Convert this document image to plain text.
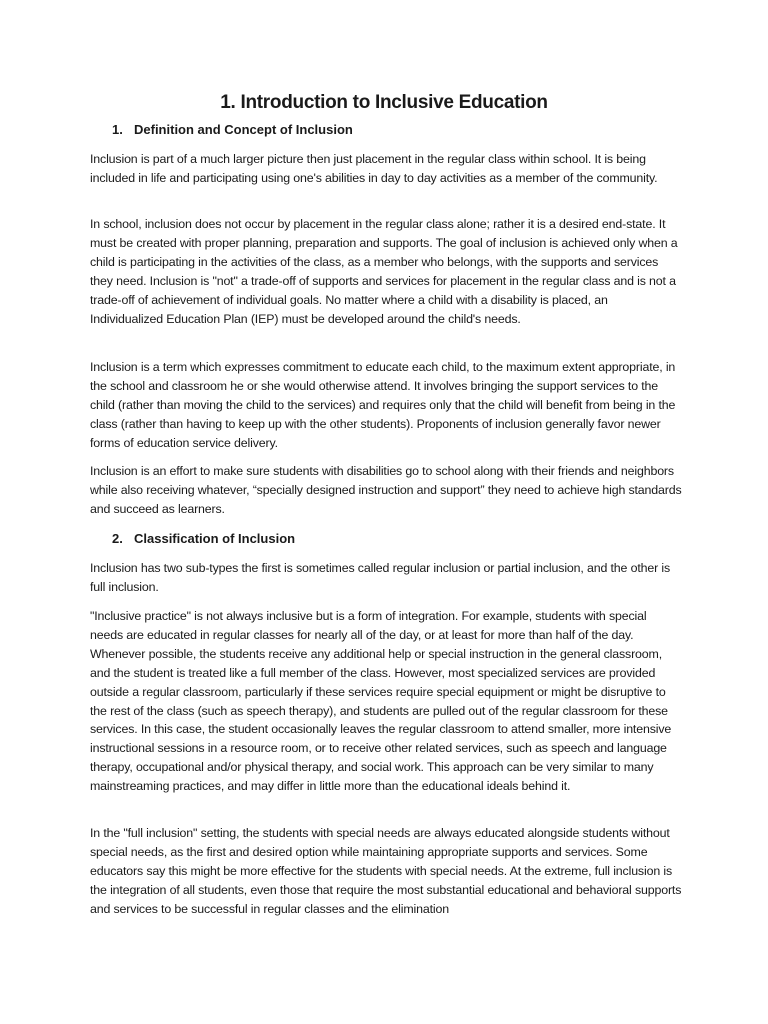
1. Introduction to Inclusive Education
1. Definition and Concept of Inclusion

Inclusion is part of a much larger picture then just placement in the regular class within school. It is being included in life and participating using one's abilities in day to day activities as a member of the community.

In school, inclusion does not occur by placement in the regular class alone; rather it is a desired end-state. It must be created with proper planning, preparation and supports. The goal of inclusion is achieved only when a child is participating in the activities of the class, as a member who belongs, with the supports and services they need. Inclusion is "not" a trade-off of supports and services for placement in the regular class and is not a trade-off of achievement of individual goals. No matter where a child with a disability is placed, an Individualized Education Plan (IEP) must be developed around the child's needs.

Inclusion is a term which expresses commitment to educate each child, to the maximum extent appropriate, in the school and classroom he or she would otherwise attend. It involves bringing the support services to the child (rather than moving the child to the services) and requires only that the child will benefit from being in the class (rather than having to keep up with the other students). Proponents of inclusion generally favor newer forms of education service delivery.

Inclusion is an effort to make sure students with disabilities go to school along with their friends and neighbors while also receiving whatever, “specially designed instruction and support” they need to achieve high standards and succeed as learners.

2. Classification of Inclusion

Inclusion has two sub-types the first is sometimes called regular inclusion or partial inclusion, and the other is full inclusion.

"Inclusive practice" is not always inclusive but is a form of integration. For example, students with special needs are educated in regular classes for nearly all of the day, or at least for more than half of the day. Whenever possible, the students receive any additional help or special instruction in the general classroom, and the student is treated like a full member of the class. However, most specialized services are provided outside a regular classroom, particularly if these services require special equipment or might be disruptive to the rest of the class (such as speech therapy), and students are pulled out of the regular classroom for these services. In this case, the student occasionally leaves the regular classroom to attend smaller, more intensive instructional sessions in a resource room, or to receive other related services, such as speech and language therapy, occupational and/or physical therapy, and social work. This approach can be very similar to many mainstreaming practices, and may differ in little more than the educational ideals behind it.

In the "full inclusion" setting, the students with special needs are always educated alongside students without special needs, as the first and desired option while maintaining appropriate supports and services. Some educators say this might be more effective for the students with special needs. At the extreme, full inclusion is the integration of all students, even those that require the most substantial educational and behavioral supports and services to be successful in regular classes and the elimination
